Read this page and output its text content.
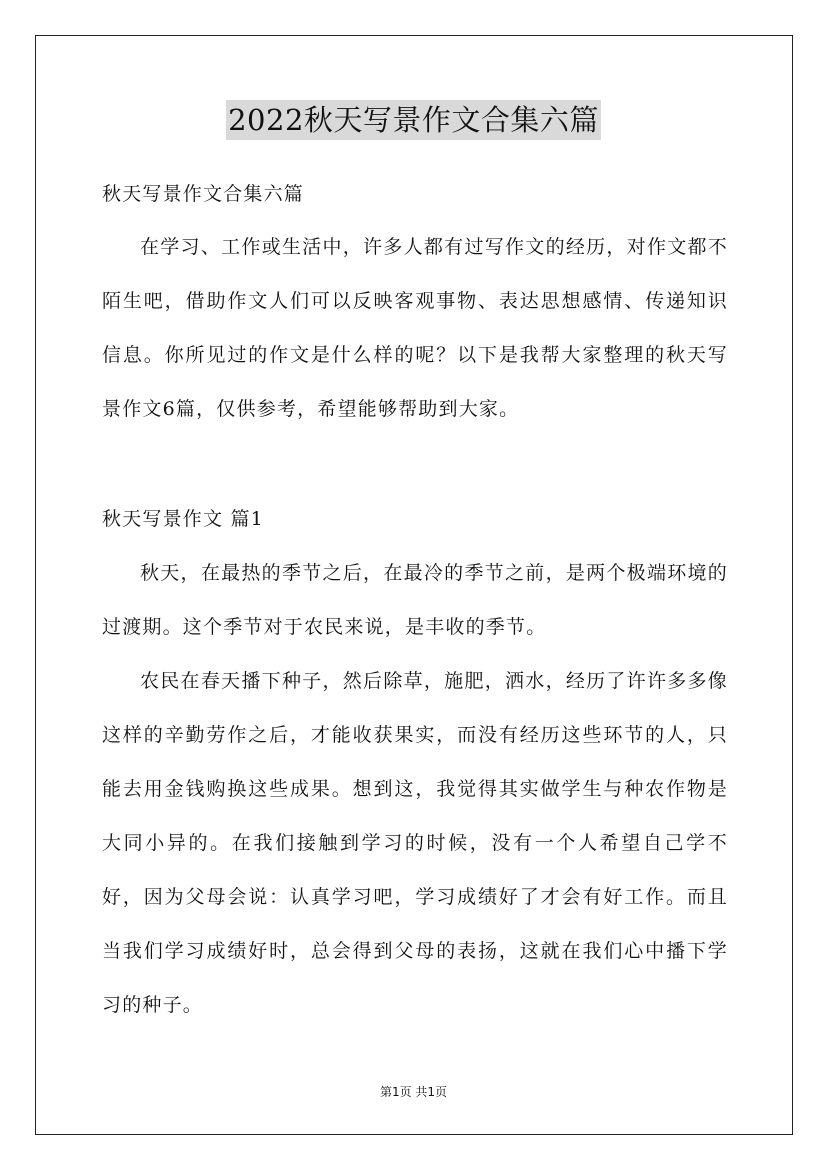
2022秋天写景作文合集六篇
秋天写景作文合集六篇
在学习、工作或生活中，许多人都有过写作文的经历，对作文都不陌生吧，借助作文人们可以反映客观事物、表达思想感情、传递知识信息。你所见过的作文是什么样的呢？以下是我帮大家整理的秋天写景作文6篇，仅供参考，希望能够帮助到大家。
秋天写景作文 篇1
秋天，在最热的季节之后，在最冷的季节之前，是两个极端环境的过渡期。这个季节对于农民来说，是丰收的季节。
农民在春天播下种子，然后除草，施肥，洒水，经历了许许多多像这样的辛勤劳作之后，才能收获果实，而没有经历这些环节的人，只能去用金钱购换这些成果。想到这，我觉得其实做学生与种农作物是大同小异的。在我们接触到学习的时候，没有一个人希望自己学不好，因为父母会说：认真学习吧，学习成绩好了才会有好工作。而且当我们学习成绩好时，总会得到父母的表扬，这就在我们心中播下学习的种子。
第1页 共1页
